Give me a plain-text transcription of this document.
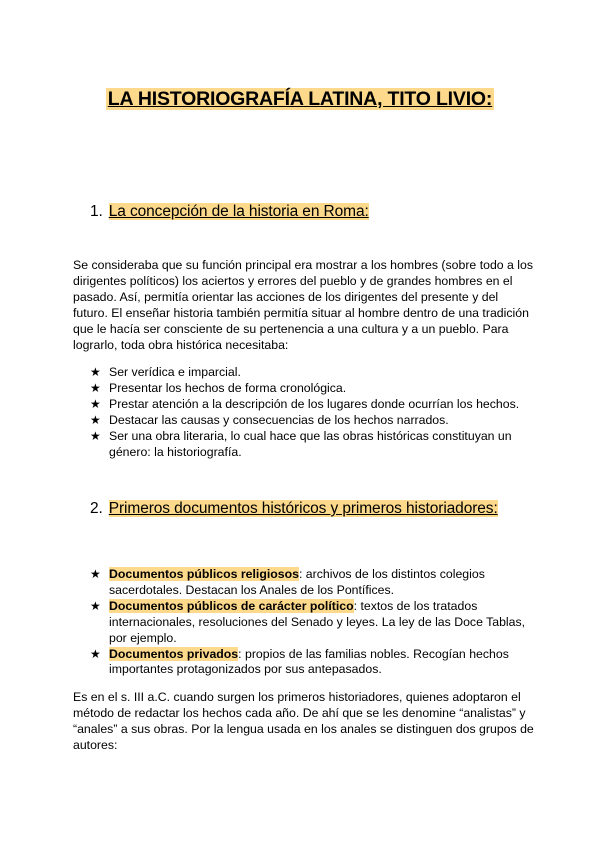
LA HISTORIOGRAFÍA LATINA, TITO LIVIO:
1. La concepción de la historia en Roma:

Se consideraba que su función principal era mostrar a los hombres (sobre todo a los dirigentes políticos) los aciertos y errores del pueblo y de grandes hombres en el pasado. Así, permitía orientar las acciones de los dirigentes del presente y del futuro. El enseñar historia también permitía situar al hombre dentro de una tradición que le hacía ser consciente de su pertenencia a una cultura y a un pueblo. Para lograrlo, toda obra histórica necesitaba:

★ Ser verídica e imparcial.
★ Presentar los hechos de forma cronológica.
★ Prestar atención a la descripción de los lugares donde ocurrían los hechos.
★ Destacar las causas y consecuencias de los hechos narrados.
★ Ser una obra literaria, lo cual hace que las obras históricas constituyan un género: la historiografía.
2. Primeros documentos históricos y primeros historiadores:
★ Documentos públicos religiosos: archivos de los distintos colegios sacerdotales. Destacan los Anales de los Pontífices.
★ Documentos públicos de carácter político: textos de los tratados internacionales, resoluciones del Senado y leyes. La ley de las Doce Tablas, por ejemplo.
★ Documentos privados: propios de las familias nobles. Recogían hechos importantes protagonizados por sus antepasados.

Es en el s. III a.C. cuando surgen los primeros historiadores, quienes adoptaron el método de redactar los hechos cada año. De ahí que se les denomine “analistas” y “anales” a sus obras. Por la lengua usada en los anales se distinguen dos grupos de autores:
